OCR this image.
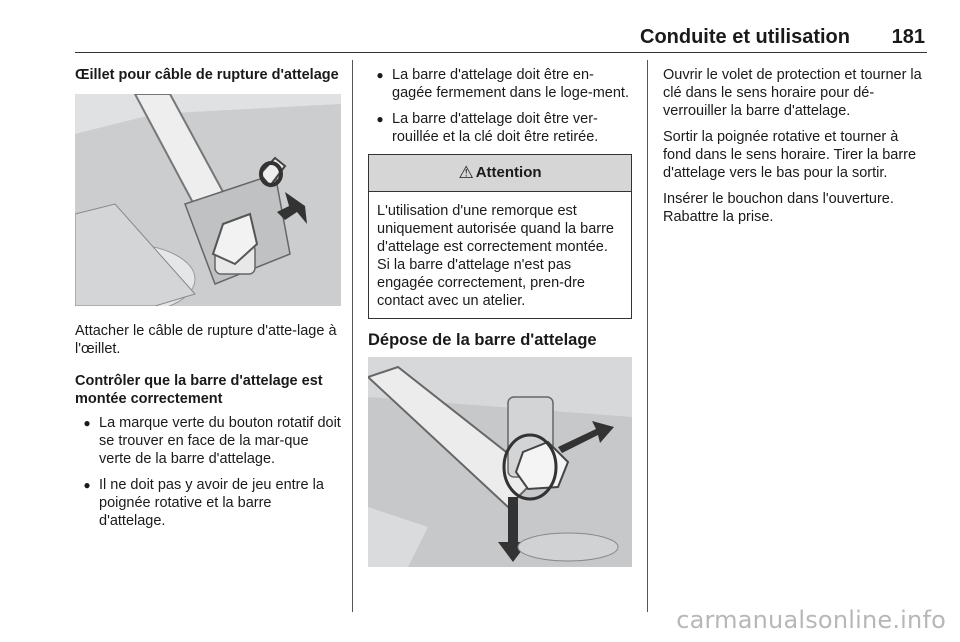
Conduite et utilisation	181

Œillet pour câble de rupture d'attelage

Attacher le câble de rupture d'atte-lage à l'œillet.

Contrôler que la barre d'attelage est montée correctement

● La marque verte du bouton rotatif doit se trouver en face de la mar-que verte de la barre d'attelage.
● Il ne doit pas y avoir de jeu entre la poignée rotative et la barre d'attelage.
● La barre d'attelage doit être en-gagée fermement dans le loge-ment.
● La barre d'attelage doit être ver-rouillée et la clé doit être retirée.
⚠ Attention
L'utilisation d'une remorque est uniquement autorisée quand la barre d'attelage est correctement montée. Si la barre d'attelage n'est pas engagée correctement, pren-dre contact avec un atelier.

Dépose de la barre d'attelage

Ouvrir le volet de protection et tourner la clé dans le sens horaire pour dé-verrouiller la barre d'attelage.

Sortir la poignée rotative et tourner à fond dans le sens horaire. Tirer la barre d'attelage vers le bas pour la sortir.

Insérer le bouchon dans l'ouverture. Rabattre la prise.

carmanualsonline.info
